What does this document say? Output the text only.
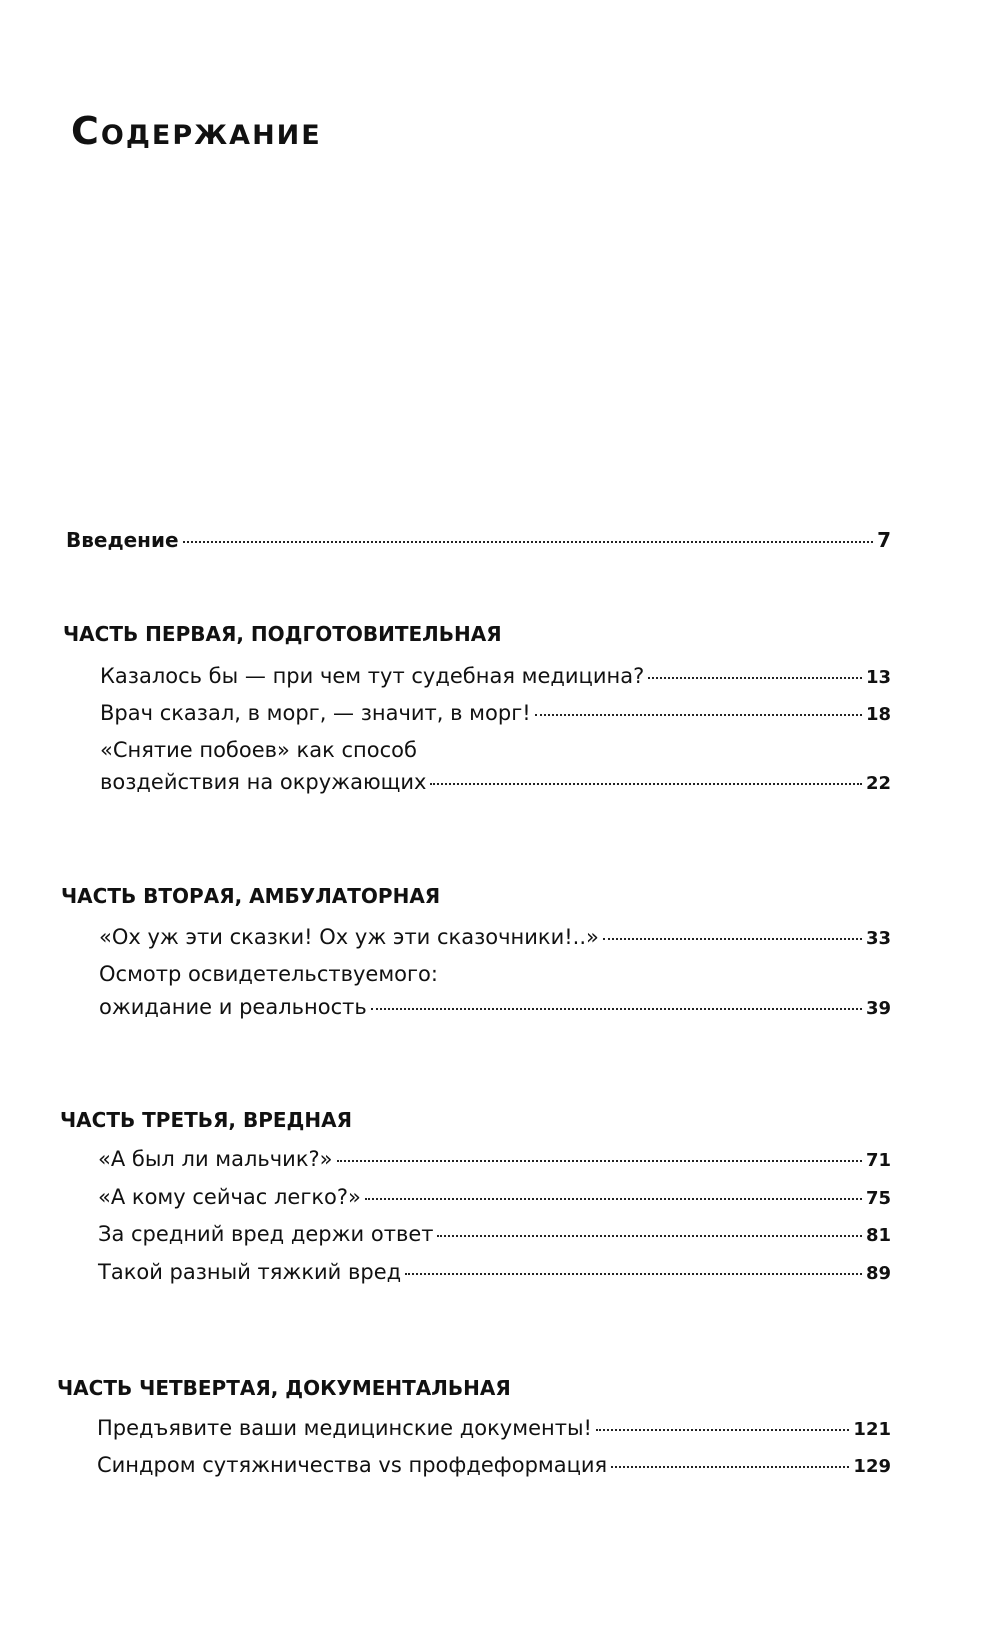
Содержание
Введение	7
ЧАСТЬ ПЕРВАЯ, ПОДГОТОВИТЕЛЬНАЯ
Казалось бы — при чем тут судебная медицина?	13
Врач сказал, в морг, — значит, в морг!	18
«Снятие побоев» как способ
воздействия на окружающих	22
ЧАСТЬ ВТОРАЯ, АМБУЛАТОРНАЯ
«Ох уж эти сказки! Ох уж эти сказочники!..»	33
Осмотр освидетельствуемого:
ожидание и реальность	39
ЧАСТЬ ТРЕТЬЯ, ВРЕДНАЯ
«А был ли мальчик?»	71
«А кому сейчас легко?»	75
За средний вред держи ответ	81
Такой разный тяжкий вред	89
ЧАСТЬ ЧЕТВЕРТАЯ, ДОКУМЕНТАЛЬНАЯ
Предъявите ваши медицинские документы!	121
Синдром сутяжничества vs профдеформация	129
